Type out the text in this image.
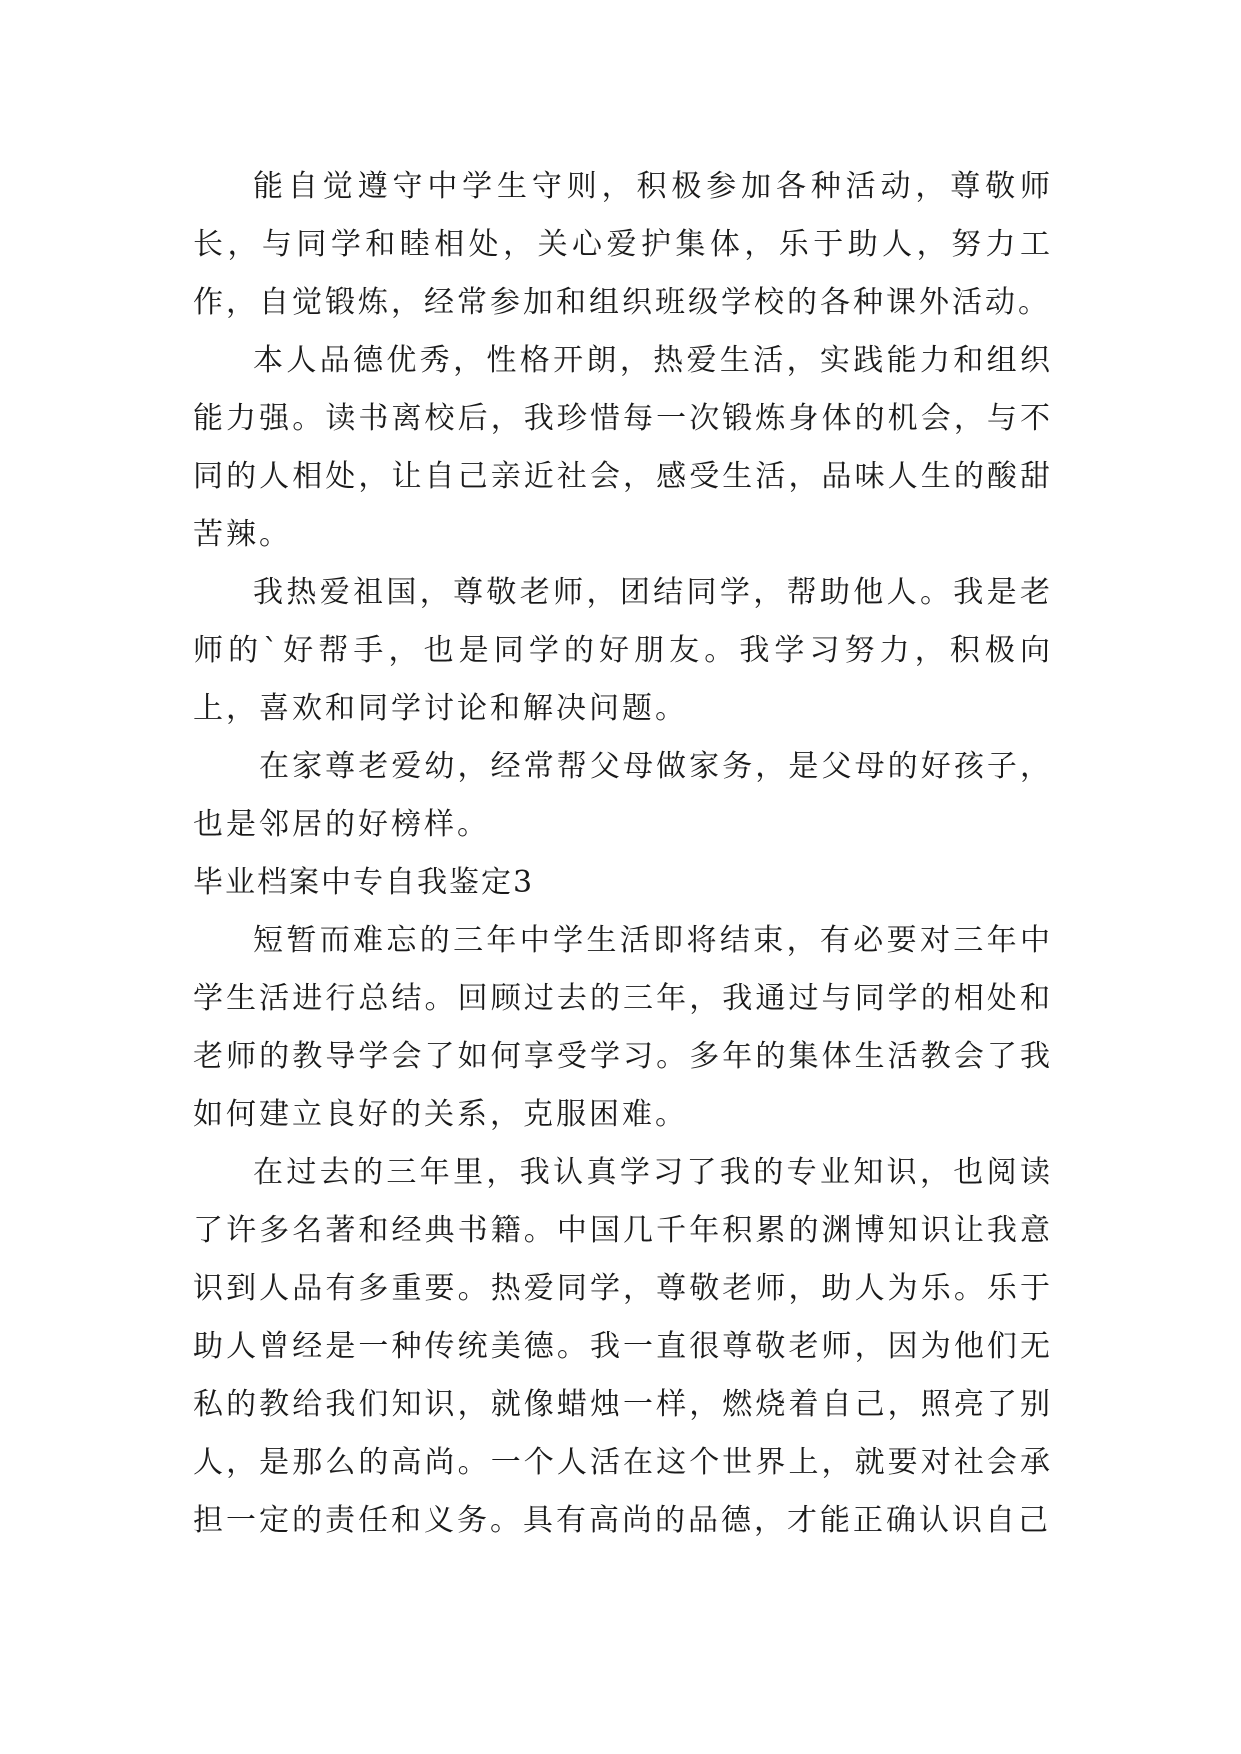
能自觉遵守中学生守则，积极参加各种活动，尊敬师长，与同学和睦相处，关心爱护集体，乐于助人，努力工作，自觉锻炼，经常参加和组织班级学校的各种课外活动。

本人品德优秀，性格开朗，热爱生活，实践能力和组织能力强。读书离校后，我珍惜每一次锻炼身体的机会，与不同的人相处，让自己亲近社会，感受生活，品味人生的酸甜苦辣。

我热爱祖国，尊敬老师，团结同学，帮助他人。我是老师的`好帮手，也是同学的好朋友。我学习努力，积极向上，喜欢和同学讨论和解决问题。

在家尊老爱幼，经常帮父母做家务，是父母的好孩子，也是邻居的好榜样。

毕业档案中专自我鉴定3

短暂而难忘的三年中学生活即将结束，有必要对三年中学生活进行总结。回顾过去的三年，我通过与同学的相处和老师的教导学会了如何享受学习。多年的集体生活教会了我如何建立良好的关系，克服困难。

在过去的三年里，我认真学习了我的专业知识，也阅读了许多名著和经典书籍。中国几千年积累的渊博知识让我意识到人品有多重要。热爱同学，尊敬老师，助人为乐。乐于助人曾经是一种传统美德。我一直很尊敬老师，因为他们无私的教给我们知识，就像蜡烛一样，燃烧着自己，照亮了别人，是那么的高尚。一个人活在这个世界上，就要对社会承担一定的责任和义务。具有高尚的品德，才能正确认识自己
